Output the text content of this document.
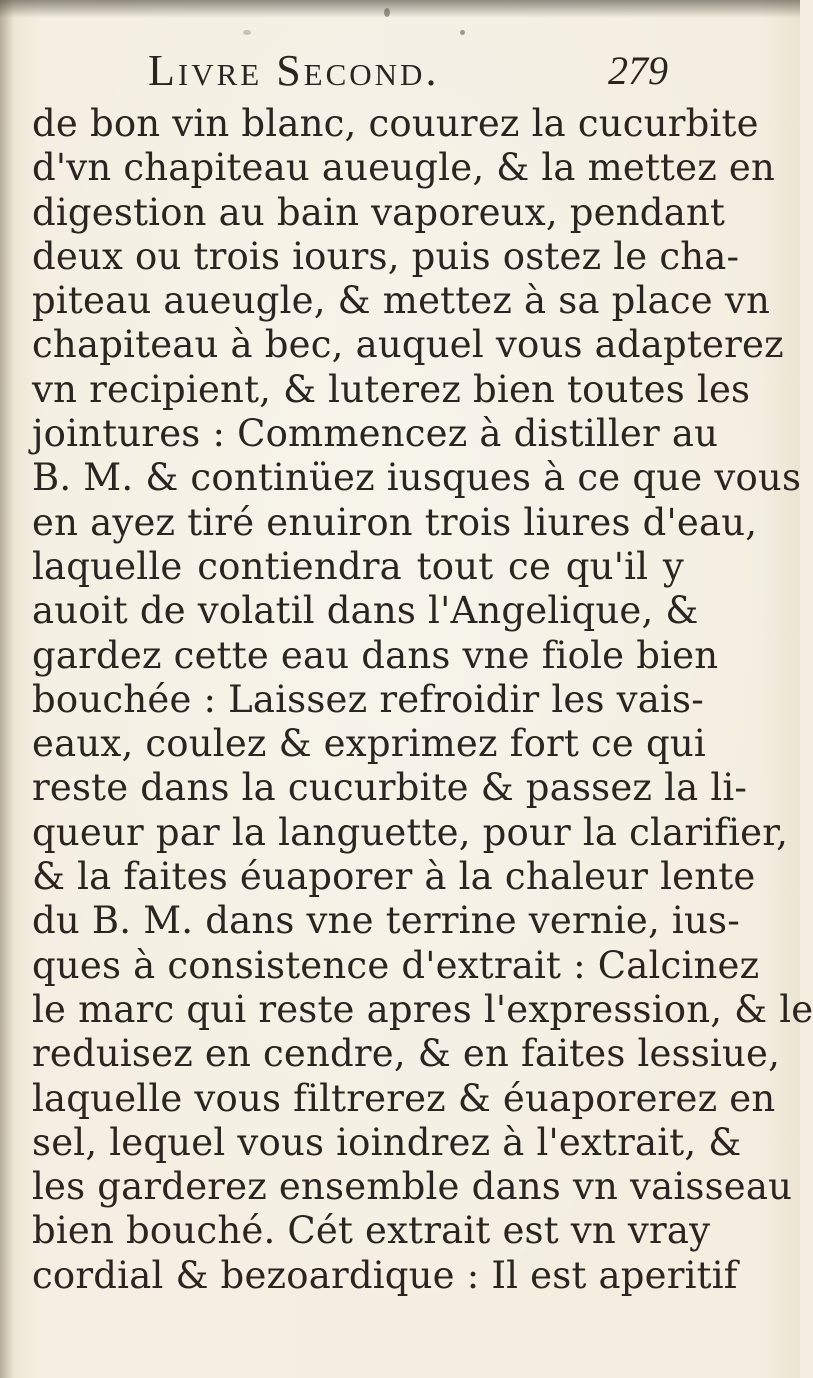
Livre Second.	279
de bon vin blanc, couurez la cucurbite
d'vn chapiteau aueugle, & la mettez en
digestion au bain vaporeux, pendant
deux ou trois iours, puis ostez le cha-
piteau aueugle, & mettez à sa place vn
chapiteau à bec, auquel vous adapterez
vn recipient, & luterez bien toutes les
jointures : Commencez à distiller au
B. M. & continüez iusques à ce que vous
en ayez tiré enuiron trois liures d'eau,
laquelle contiendra tout ce qu'il y
auoit de volatil dans l'Angelique, &
gardez cette eau dans vne fiole bien
bouchée : Laissez refroidir les vais-
eaux, coulez & exprimez fort ce qui
reste dans la cucurbite & passez la li-
queur par la languette, pour la clarifier,
& la faites éuaporer à la chaleur lente
du B. M. dans vne terrine vernie, ius-
ques à consistence d'extrait : Calcinez
le marc qui reste apres l'expression, & le
reduisez en cendre, & en faites lessiue,
laquelle vous filtrerez & éuaporerez en
sel, lequel vous ioindrez à l'extrait, &
les garderez ensemble dans vn vaisseau
bien bouché. Cét extrait est vn vray
cordial & bezoardique : Il est aperitif
